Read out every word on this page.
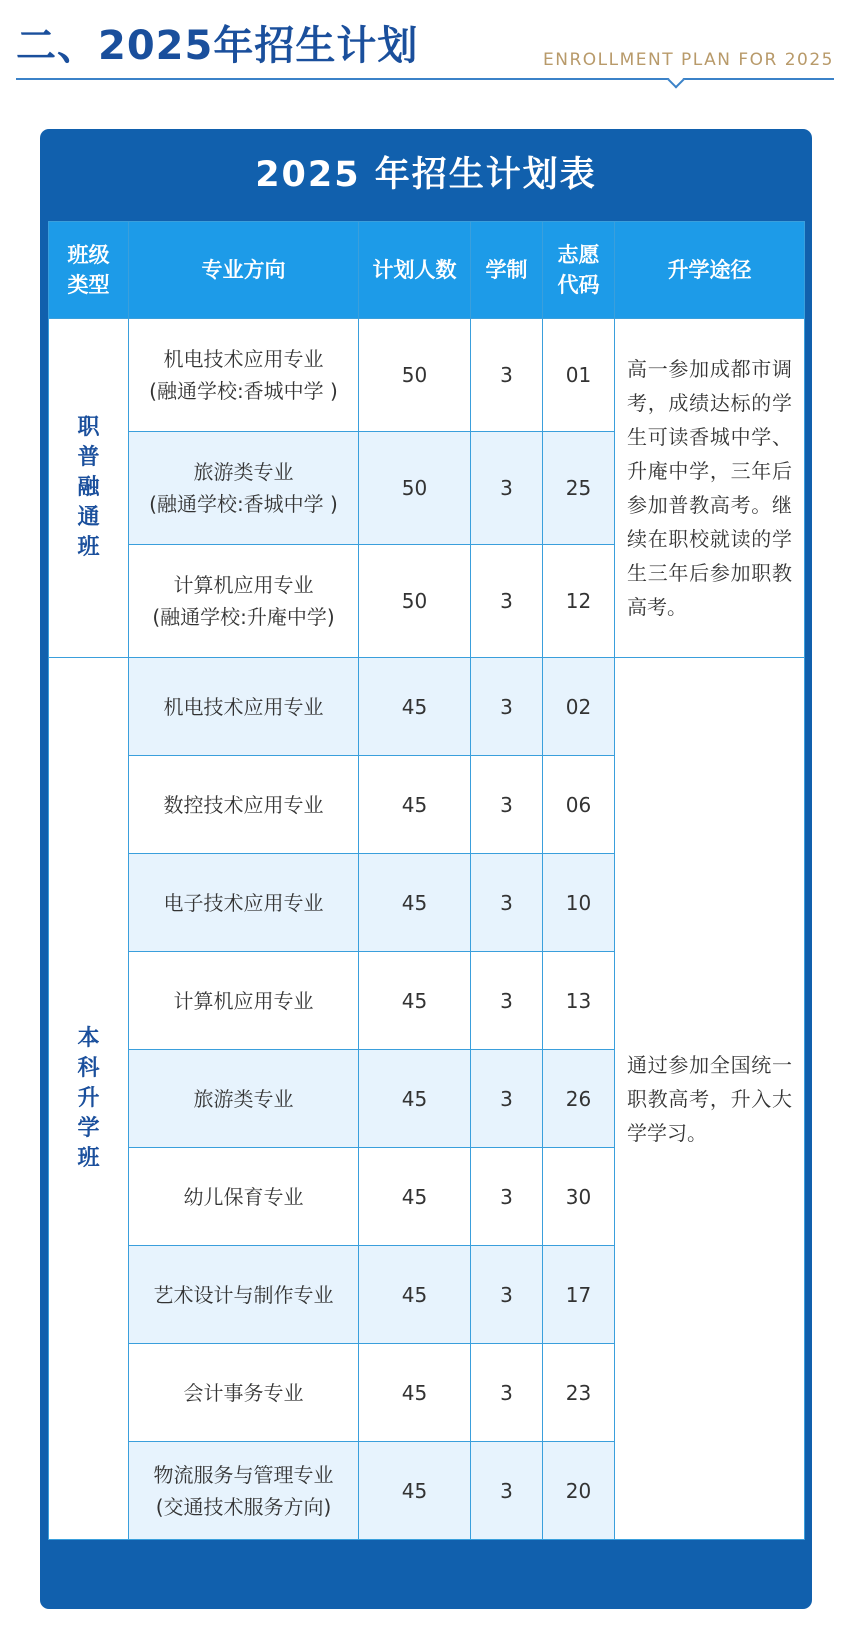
二、2025年招生计划	ENROLLMENT PLAN FOR 2025
2025 年招生计划表
班级类型	专业方向	计划人数	学制	志愿代码	升学途径
职普融通班	机电技术应用专业
(融通学校:香城中学 )	50	3	01	高一参加成都市调考，成绩达标的学生可读香城中学、升庵中学，三年后参加普教高考。继续在职校就读的学生三年后参加职教高考。

	旅游类专业
(融通学校:香城中学 )	50	3	25	

	计算机应用专业
(融通学校:升庵中学)	50	3	12	
本科升学班	机电技术应用专业	45	3	02	通过参加全国统一职教高考，升入大学学习。

	数控技术应用专业	45	3	06	

	电子技术应用专业	45	3	10	

	计算机应用专业	45	3	13	

	旅游类专业	45	3	26	

	幼儿保育专业	45	3	30	

	艺术设计与制作专业	45	3	17	

	会计事务专业	45	3	23	

	物流服务与管理专业
(交通技术服务方向)	45	3	20	
